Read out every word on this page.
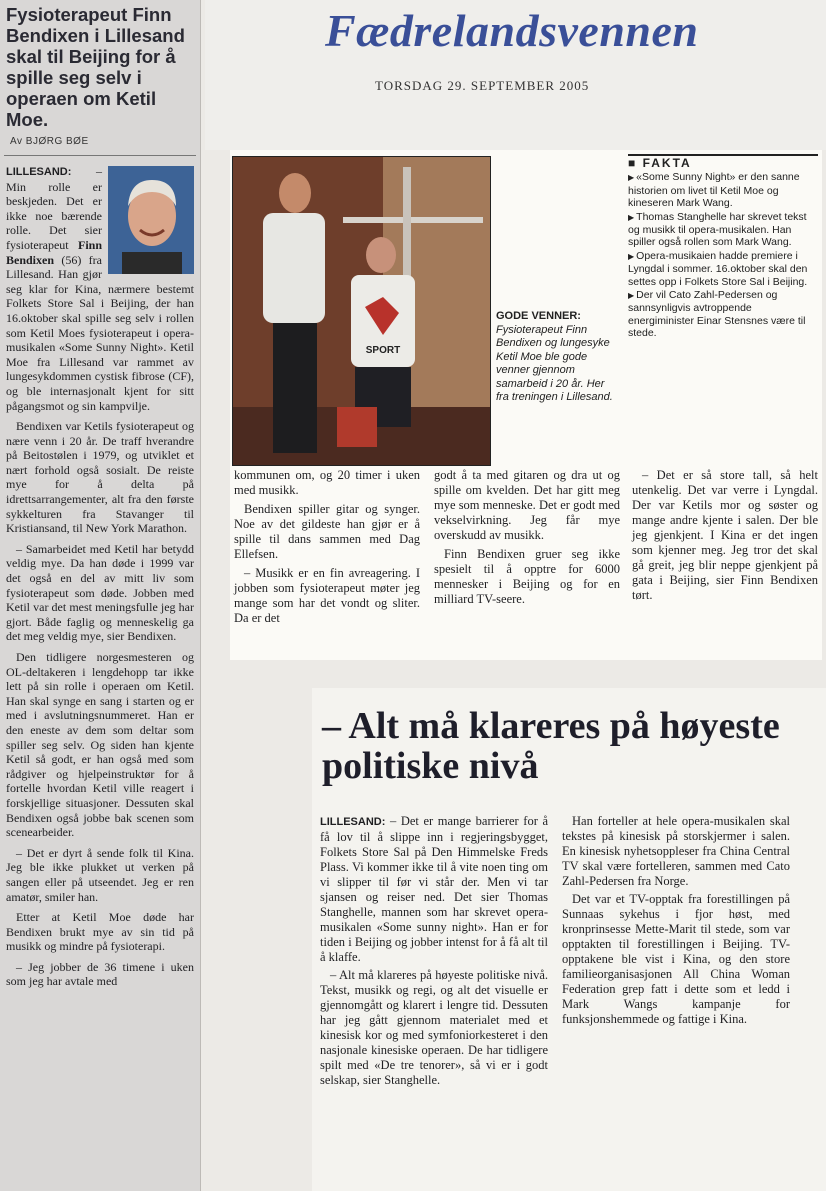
Fysioterapeut Finn Bendixen i Lillesand skal til Beijing for å spille seg selv i operaen om Ketil Moe.
Av BJØRG BØE

LILLESAND: – Min rolle er beskjeden. Det er ikke noe bærende rolle. Det sier fysioterapeut Finn Bendixen (56) fra Lillesand. Han gjør seg klar for Kina, nærmere bestemt Folkets Store Sal i Beijing, der han 16.oktober skal spille seg selv i rollen som Ketil Moes fysioterapeut i opera-musikalen «Some Sunny Night». Ketil Moe fra Lillesand var rammet av lungesykdommen cystisk fibrose (CF), og ble internasjonalt kjent for sitt pågangsmot og sin kampvilje.

Bendixen var Ketils fysioterapeut og nære venn i 20 år. De traff hverandre på Beitostølen i 1979, og utviklet et nært forhold også sosialt. De reiste mye for å delta på idrettsarrangementer, alt fra den første sykkelturen fra Stavanger til Kristiansand, til New York Marathon.

– Samarbeidet med Ketil har betydd veldig mye. Da han døde i 1999 var det også en del av mitt liv som fysioterapeut som døde. Jobben med Ketil var det mest meningsfulle jeg har gjort. Både faglig og menneskelig ga det meg veldig mye, sier Bendixen.

Den tidligere norgesmesteren og OL-deltakeren i lengdehopp tar ikke lett på sin rolle i operaen om Ketil. Han skal synge en sang i starten og er med i avslutningsnummeret. Han er den eneste av dem som deltar som spiller seg selv. Og siden han kjente Ketil så godt, er han også med som rådgiver og hjelpeinstruktør for å fortelle hvordan Ketil ville reagert i forskjellige situasjoner. Dessuten skal Bendixen også jobbe bak scenen som scenearbeider.

– Det er dyrt å sende folk til Kina. Jeg ble ikke plukket ut verken på sangen eller på utseendet. Jeg er ren amatør, smiler han.

Etter at Ketil Moe døde har Bendixen brukt mye av sin tid på musikk og mindre på fysioterapi.

– Jeg jobber de 36 timene i uken som jeg har avtale med

Fædrelandsvennen
TORSDAG 29. SEPTEMBER 2005
SPORT
GODE VENNER: Fysioterapeut Finn Bendixen og lungesyke Ketil Moe ble gode venner gjennom samarbeid i 20 år. Her fra treningen i Lillesand.
■ FAKTA
▶ «Some Sunny Night» er den sanne historien om livet til Ketil Moe og kineseren Mark Wang.
▶ Thomas Stanghelle har skrevet tekst og musikk til opera-musikalen. Han spiller også rollen som Mark Wang.
▶ Opera-musikaien hadde premiere i Lyngdal i sommer. 16.oktober skal den settes opp i Folkets Store Sal i Beijing.
▶ Der vil Cato Zahl-Pedersen og sannsynligvis avtroppende energiminister Einar Stensnes være til stede.

kommunen om, og 20 timer i uken med musikk.

Bendixen spiller gitar og synger. Noe av det gildeste han gjør er å spille til dans sammen med Dag Ellefsen.

– Musikk er en fin avreagering. I jobben som fysioterapeut møter jeg mange som har det vondt og sliter. Da er det

godt å ta med gitaren og dra ut og spille om kvelden. Det har gitt meg mye som menneske. Det er godt med vekselvirkning. Jeg får mye overskudd av musikk.

Finn Bendixen gruer seg ikke spesielt til å opptre for 6000 mennesker i Beijing og for en milliard TV-seere.

– Det er så store tall, så helt utenkelig. Det var verre i Lyngdal. Der var Ketils mor og søster og mange andre kjente i salen. Der ble jeg gjenkjent. I Kina er det ingen som kjenner meg. Jeg tror det skal gå greit, jeg blir neppe gjenkjent på gata i Beijing, sier Finn Bendixen tørt.

– Alt må klareres på høyeste politiske nivå

LILLESAND: – Det er mange barrierer for å få lov til å slippe inn i regjeringsbygget, Folkets Store Sal på Den Himmelske Freds Plass. Vi kommer ikke til å vite noen ting om vi slipper til før vi står der. Men vi tar sjansen og reiser ned. Det sier Thomas Stanghelle, mannen som har skrevet opera-musikalen «Some sunny night». Han er for tiden i Beijing og jobber intenst for å få alt til å klaffe.

– Alt må klareres på høyeste politiske nivå. Tekst, musikk og regi, og alt det visuelle er gjennomgått og klarert i lengre tid. Dessuten har jeg gått gjennom materialet med et kinesisk kor og med symfoniorkesteret i den nasjonale kinesiske operaen. De har tidligere spilt med «De tre tenorer», så vi er i godt selskap, sier Stanghelle.

Han forteller at hele opera-musikalen skal tekstes på kinesisk på storskjermer i salen. En kinesisk nyhetsopplеser fra China Central TV skal være fortelleren, sammen med Cato Zahl-Pedersen fra Norge.

Det var et TV-opptak fra forestillingen på Sunnaas sykehus i fjor høst, med kronprinsesse Mette-Marit til stede, som var opptakten til forestillingen i Beijing. TV-opptakene ble vist i Kina, og den store familieorganisasjonen All China Woman Federation grep fatt i dette som et ledd i Mark Wangs kampanje for funksjonshemmede og fattige i Kina.
